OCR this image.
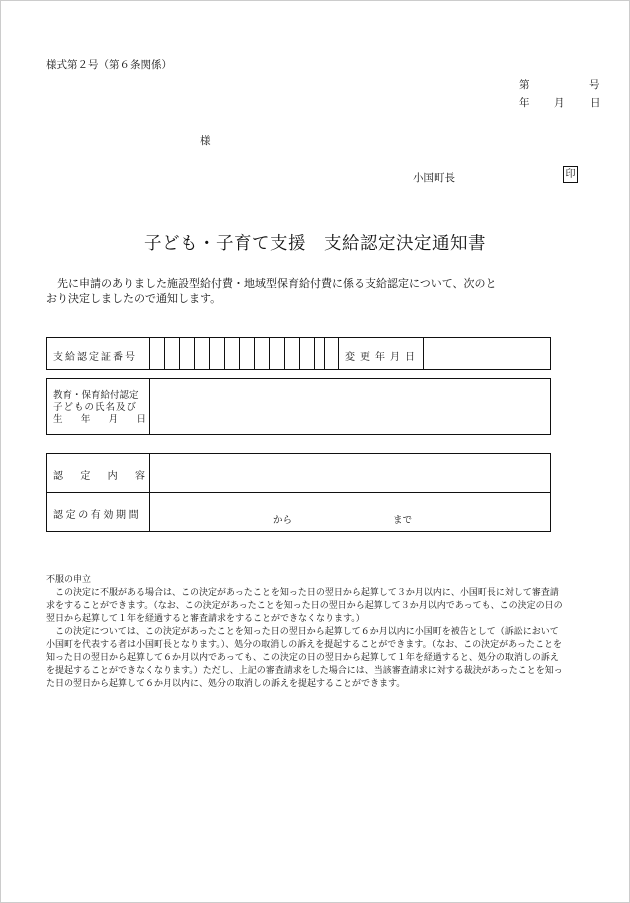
様式第２号（第６条関係）
第	号
年 月 日
様
小国町長	印
子ども・子育て支援　支給認定決定通知書

先に申請のありました施設型給付費・地域型保育給付費に係る支給認定について、次のと

おり決定しましたので通知します。

支給認定証番号	変更年月日
教育・保育給付認定
子どもの氏名及び
生 年 月 日
認 定 内 容
認定の有効期間	から	まで

不服の申立

この決定に不服がある場合は、この決定があったことを知った日の翌日から起算して３か月以内に、小国町長に対して審査請求をすることができます。（なお、この決定があったことを知った日の翌日から起算して３か月以内であっても、この決定の日の翌日から起算して１年を経過すると審査請求をすることができなくなります。）

この決定については、この決定があったことを知った日の翌日から起算して６か月以内に小国町を被告として（訴訟において小国町を代表する者は小国町長となります。）、処分の取消しの訴えを提起することができます。（なお、この決定があったことを知った日の翌日から起算して６か月以内であっても、この決定の日の翌日から起算して１年を経過すると、処分の取消しの訴えを提起することができなくなります。）ただし、上記の審査請求をした場合には、当該審査請求に対する裁決があったことを知った日の翌日から起算して６か月以内に、処分の取消しの訴えを提起することができます。
